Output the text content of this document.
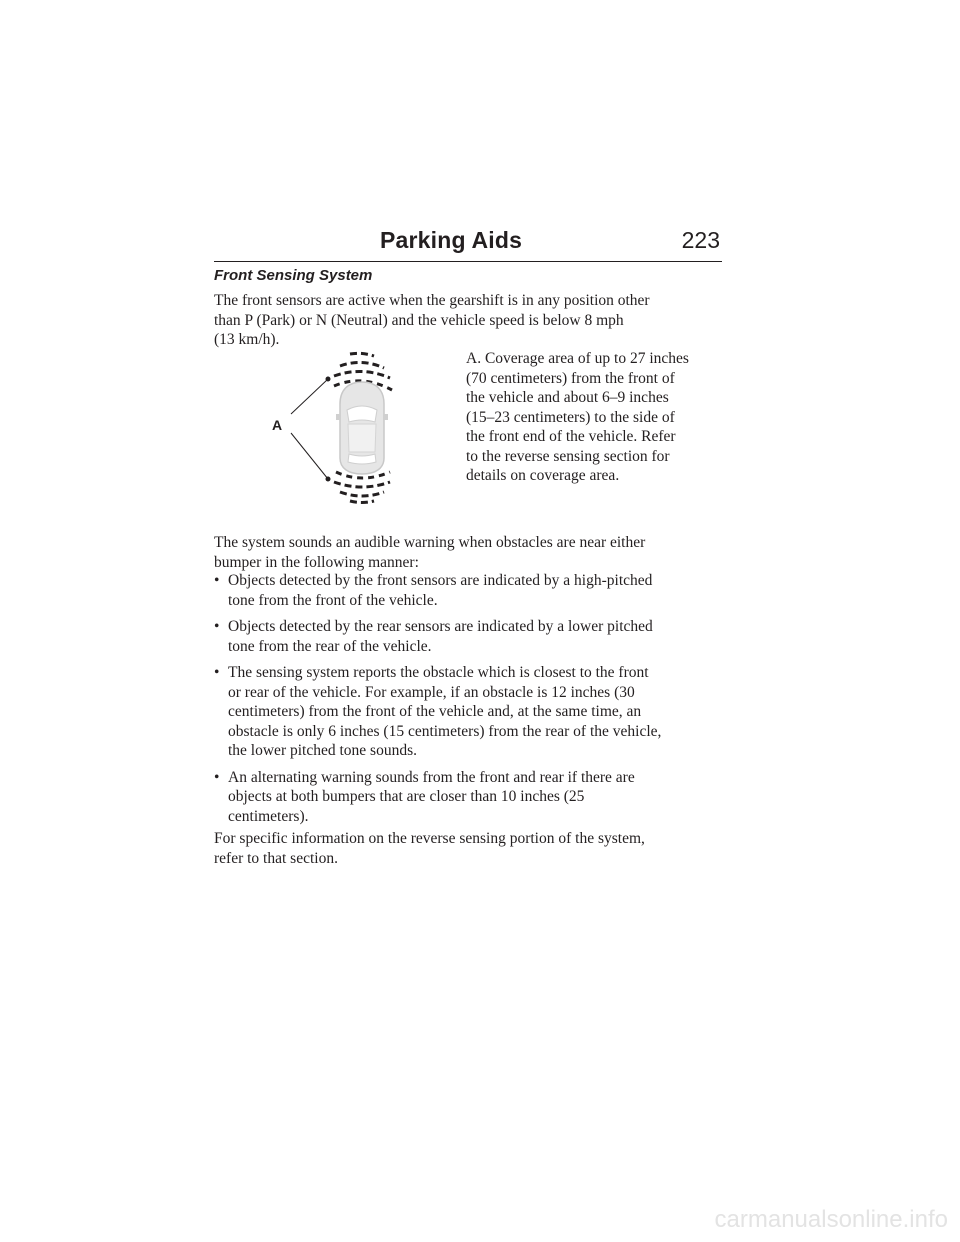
Parking Aids	223
Front Sensing System

The front sensors are active when the gearshift is in any position other
than P (Park) or N (Neutral) and the vehicle speed is below 8 mph
(13 km/h).

A

A. Coverage area of up to 27 inches
(70 centimeters) from the front of
the vehicle and about 6–9 inches
(15–23 centimeters) to the side of
the front end of the vehicle. Refer
to the reverse sensing section for
details on coverage area.

The system sounds an audible warning when obstacles are near either
bumper in the following manner:

• Objects detected by the front sensors are indicated by a high-pitched
tone from the front of the vehicle.
• Objects detected by the rear sensors are indicated by a lower pitched
tone from the rear of the vehicle.
• The sensing system reports the obstacle which is closest to the front
or rear of the vehicle. For example, if an obstacle is 12 inches (30
centimeters) from the front of the vehicle and, at the same time, an
obstacle is only 6 inches (15 centimeters) from the rear of the vehicle,
the lower pitched tone sounds.
• An alternating warning sounds from the front and rear if there are
objects at both bumpers that are closer than 10 inches (25
centimeters).

For specific information on the reverse sensing portion of the system,
refer to that section.

carmanualsonline.info
